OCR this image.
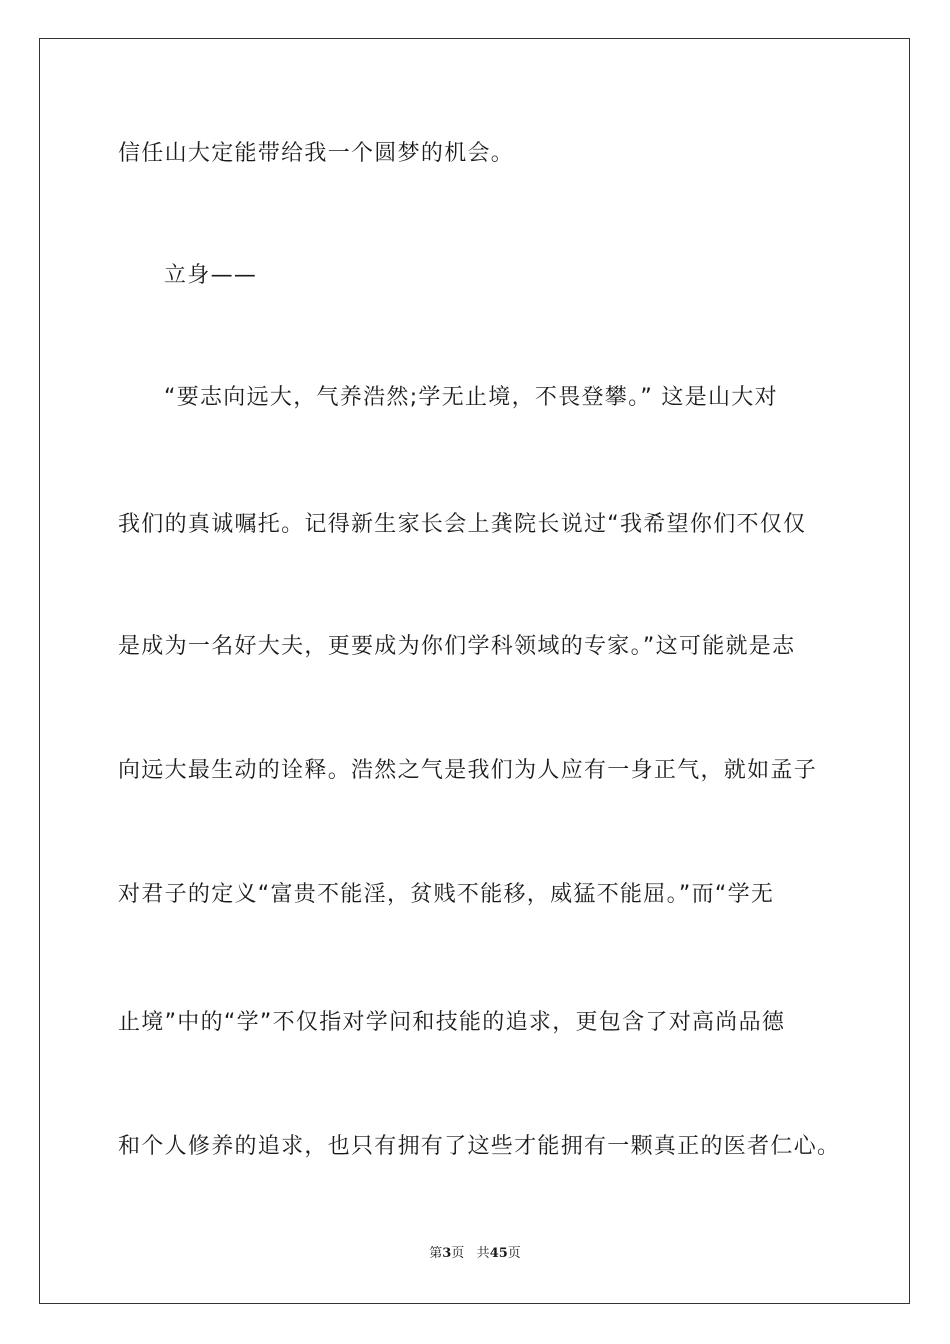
信任山大定能带给我一个圆梦的机会。
立身——
“要志向远大，气养浩然;学无止境，不畏登攀。” 这是山大对
我们的真诚嘱托。记得新生家长会上龚院长说过“我希望你们不仅仅
是成为一名好大夫，更要成为你们学科领域的专家。”这可能就是志
向远大最生动的诠释。浩然之气是我们为人应有一身正气，就如孟子
对君子的定义“富贵不能淫，贫贱不能移，威猛不能屈。”而“学无
止境”中的“学”不仅指对学问和技能的追求，更包含了对高尚品德
和个人修养的追求，也只有拥有了这些才能拥有一颗真正的医者仁心。
第3页 共45页
